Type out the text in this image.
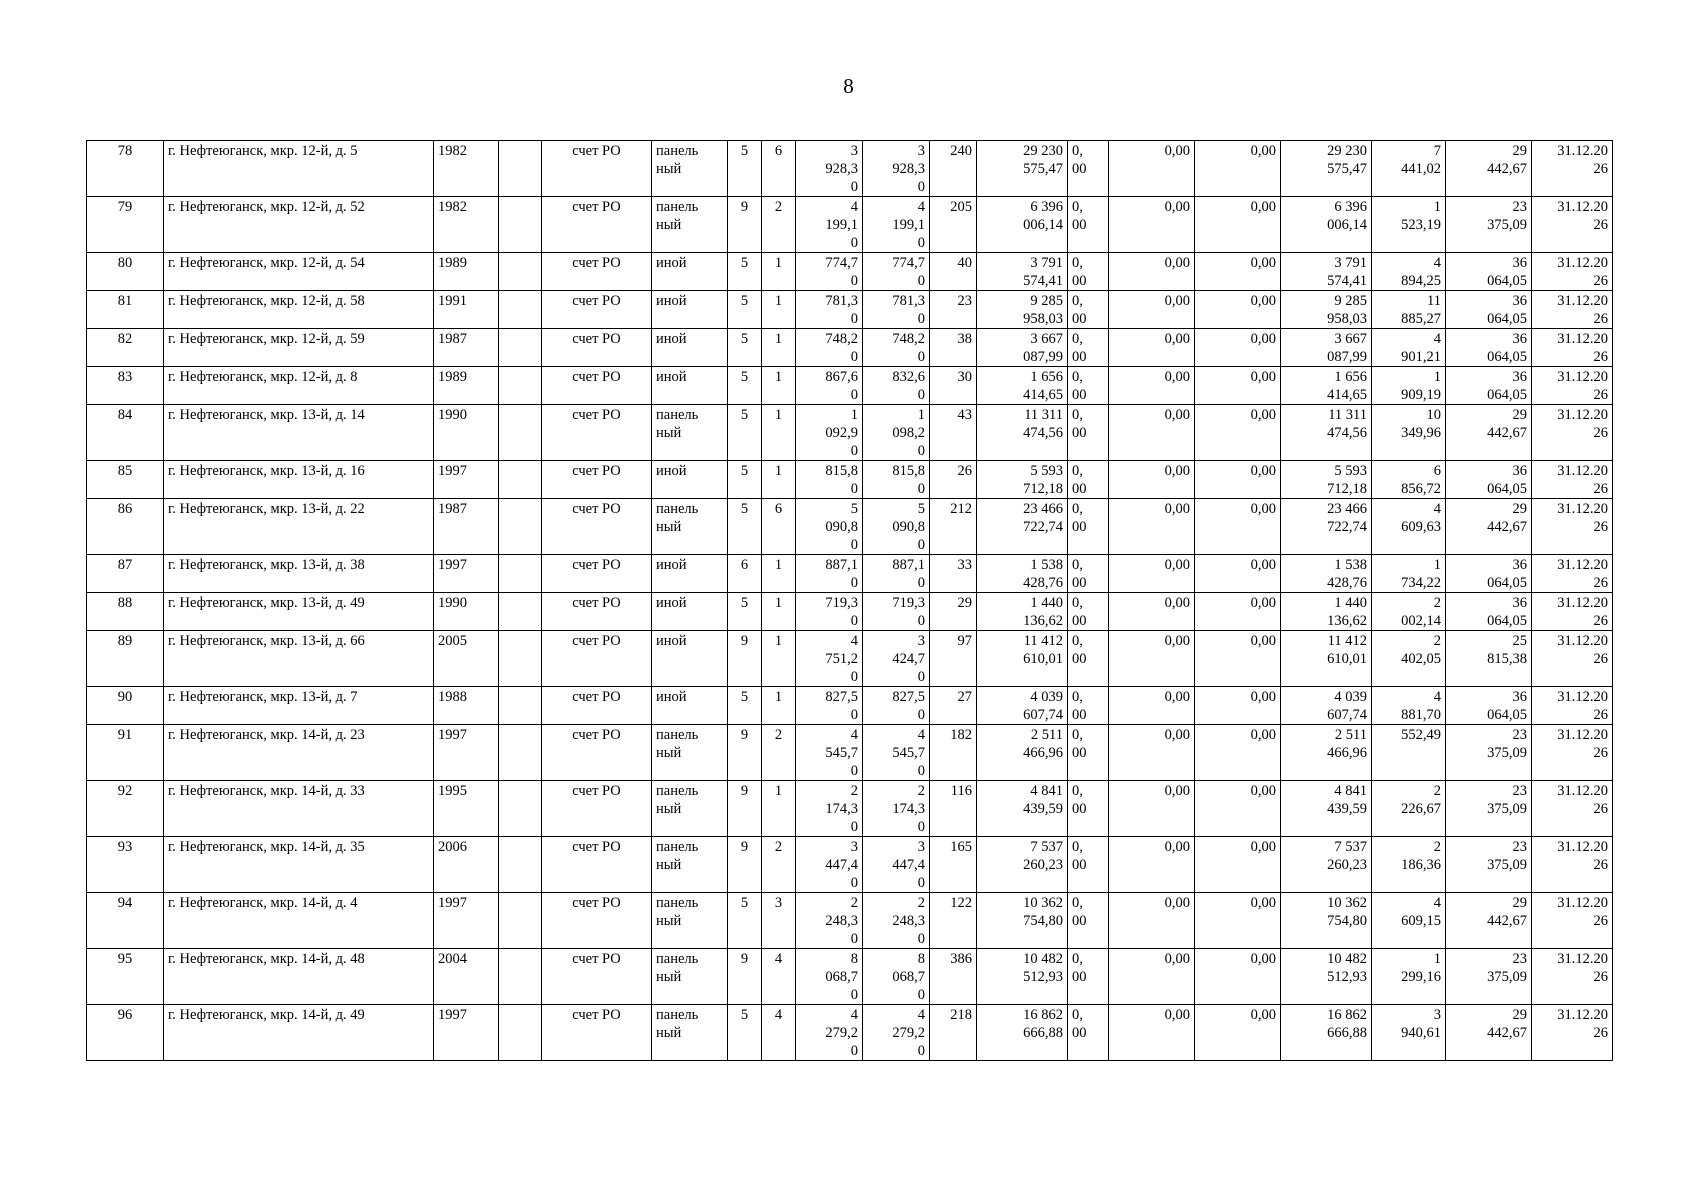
8
78	г. Нефтеюганск, мкр. 12-й, д. 5	1982		счет РО	панель
ный	5	6	3
928,3
0	3
928,3
0	240	29 230
575,47	0,
00	0,00	0,00	29 230
575,47	7
441,02	29
442,67	31.12.20
26
79	г. Нефтеюганск, мкр. 12-й, д. 52	1982		счет РО	панель
ный	9	2	4
199,1
0	4
199,1
0	205	6 396
006,14	0,
00	0,00	0,00	6 396
006,14	1
523,19	23
375,09	31.12.20
26
80	г. Нефтеюганск, мкр. 12-й, д. 54	1989		счет РО	иной	5	1	774,7
0	774,7
0	40	3 791
574,41	0,
00	0,00	0,00	3 791
574,41	4
894,25	36
064,05	31.12.20
26
81	г. Нефтеюганск, мкр. 12-й, д. 58	1991		счет РО	иной	5	1	781,3
0	781,3
0	23	9 285
958,03	0,
00	0,00	0,00	9 285
958,03	11
885,27	36
064,05	31.12.20
26
82	г. Нефтеюганск, мкр. 12-й, д. 59	1987		счет РО	иной	5	1	748,2
0	748,2
0	38	3 667
087,99	0,
00	0,00	0,00	3 667
087,99	4
901,21	36
064,05	31.12.20
26
83	г. Нефтеюганск, мкр. 12-й, д. 8	1989		счет РО	иной	5	1	867,6
0	832,6
0	30	1 656
414,65	0,
00	0,00	0,00	1 656
414,65	1
909,19	36
064,05	31.12.20
26
84	г. Нефтеюганск, мкр. 13-й, д. 14	1990		счет РО	панель
ный	5	1	1
092,9
0	1
098,2
0	43	11 311
474,56	0,
00	0,00	0,00	11 311
474,56	10
349,96	29
442,67	31.12.20
26
85	г. Нефтеюганск, мкр. 13-й, д. 16	1997		счет РО	иной	5	1	815,8
0	815,8
0	26	5 593
712,18	0,
00	0,00	0,00	5 593
712,18	6
856,72	36
064,05	31.12.20
26
86	г. Нефтеюганск, мкр. 13-й, д. 22	1987		счет РО	панель
ный	5	6	5
090,8
0	5
090,8
0	212	23 466
722,74	0,
00	0,00	0,00	23 466
722,74	4
609,63	29
442,67	31.12.20
26
87	г. Нефтеюганск, мкр. 13-й, д. 38	1997		счет РО	иной	6	1	887,1
0	887,1
0	33	1 538
428,76	0,
00	0,00	0,00	1 538
428,76	1
734,22	36
064,05	31.12.20
26
88	г. Нефтеюганск, мкр. 13-й, д. 49	1990		счет РО	иной	5	1	719,3
0	719,3
0	29	1 440
136,62	0,
00	0,00	0,00	1 440
136,62	2
002,14	36
064,05	31.12.20
26
89	г. Нефтеюганск, мкр. 13-й, д. 66	2005		счет РО	иной	9	1	4
751,2
0	3
424,7
0	97	11 412
610,01	0,
00	0,00	0,00	11 412
610,01	2
402,05	25
815,38	31.12.20
26
90	г. Нефтеюганск, мкр. 13-й, д. 7	1988		счет РО	иной	5	1	827,5
0	827,5
0	27	4 039
607,74	0,
00	0,00	0,00	4 039
607,74	4
881,70	36
064,05	31.12.20
26
91	г. Нефтеюганск, мкр. 14-й, д. 23	1997		счет РО	панель
ный	9	2	4
545,7
0	4
545,7
0	182	2 511
466,96	0,
00	0,00	0,00	2 511
466,96	552,49	23
375,09	31.12.20
26
92	г. Нефтеюганск, мкр. 14-й, д. 33	1995		счет РО	панель
ный	9	1	2
174,3
0	2
174,3
0	116	4 841
439,59	0,
00	0,00	0,00	4 841
439,59	2
226,67	23
375,09	31.12.20
26
93	г. Нефтеюганск, мкр. 14-й, д. 35	2006		счет РО	панель
ный	9	2	3
447,4
0	3
447,4
0	165	7 537
260,23	0,
00	0,00	0,00	7 537
260,23	2
186,36	23
375,09	31.12.20
26
94	г. Нефтеюганск, мкр. 14-й, д. 4	1997		счет РО	панель
ный	5	3	2
248,3
0	2
248,3
0	122	10 362
754,80	0,
00	0,00	0,00	10 362
754,80	4
609,15	29
442,67	31.12.20
26
95	г. Нефтеюганск, мкр. 14-й, д. 48	2004		счет РО	панель
ный	9	4	8
068,7
0	8
068,7
0	386	10 482
512,93	0,
00	0,00	0,00	10 482
512,93	1
299,16	23
375,09	31.12.20
26
96	г. Нефтеюганск, мкр. 14-й, д. 49	1997		счет РО	панель
ный	5	4	4
279,2
0	4
279,2
0	218	16 862
666,88	0,
00	0,00	0,00	16 862
666,88	3
940,61	29
442,67	31.12.20
26
